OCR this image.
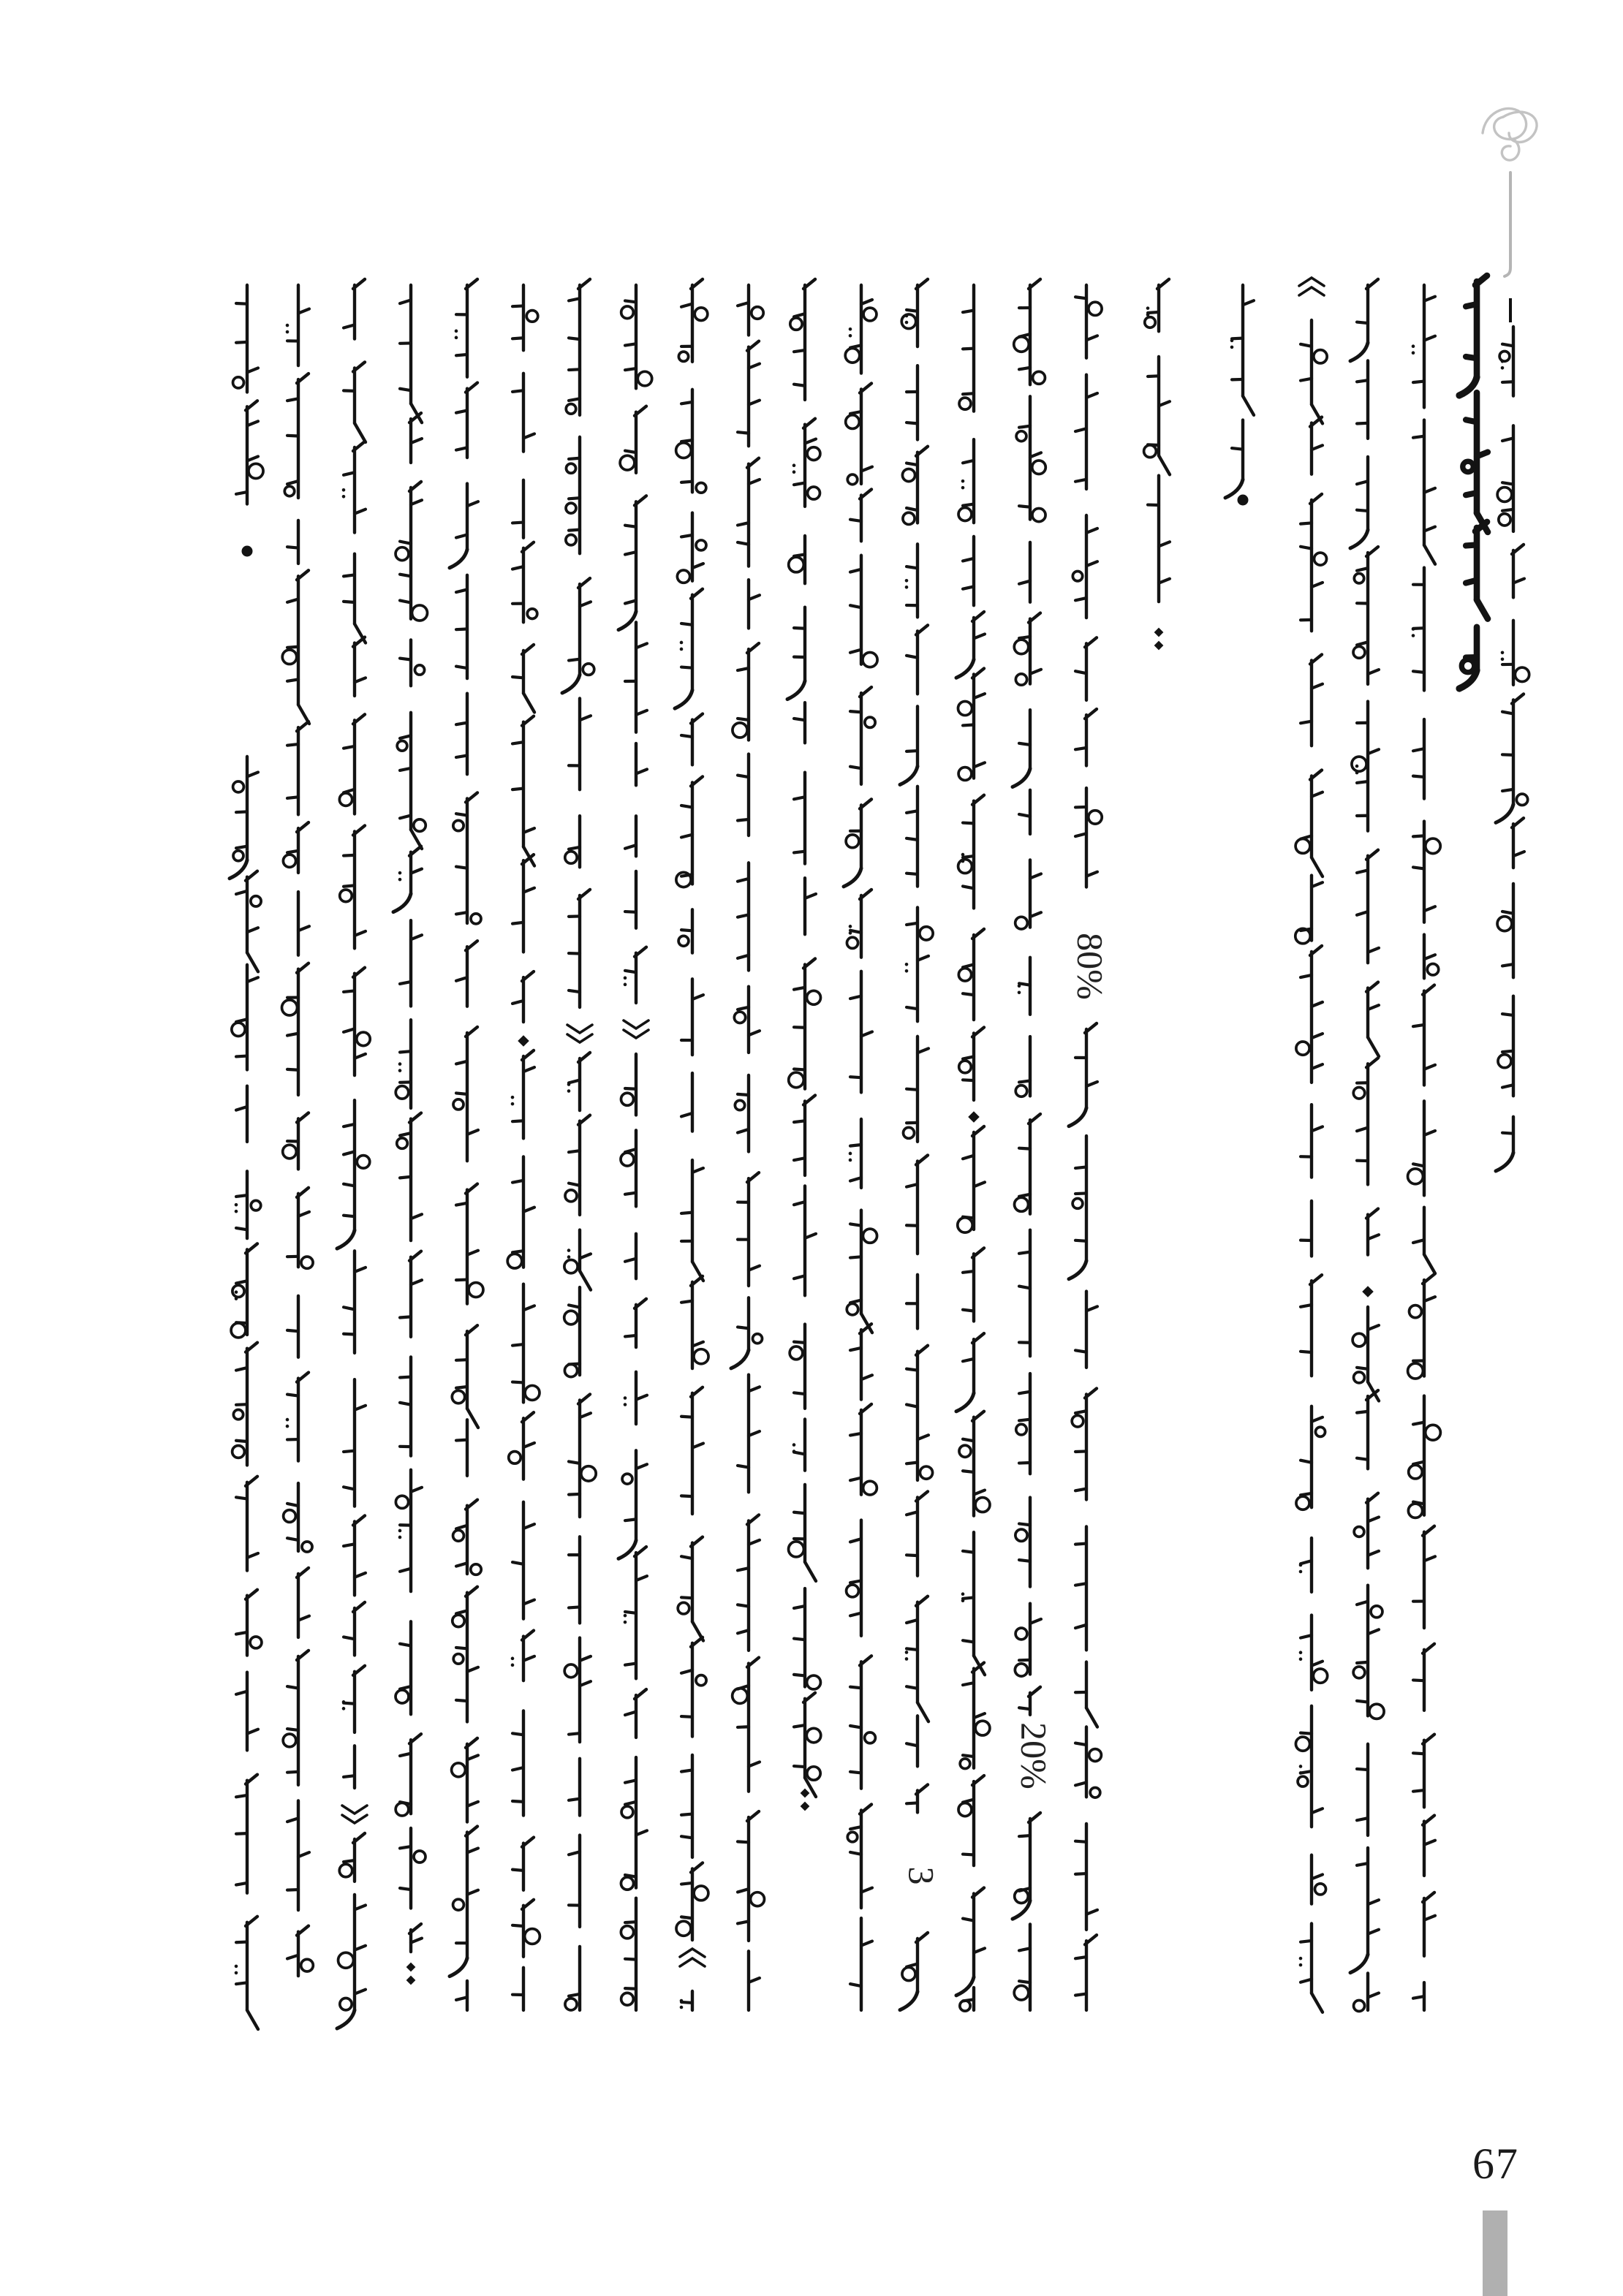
80%
20%
3
67
